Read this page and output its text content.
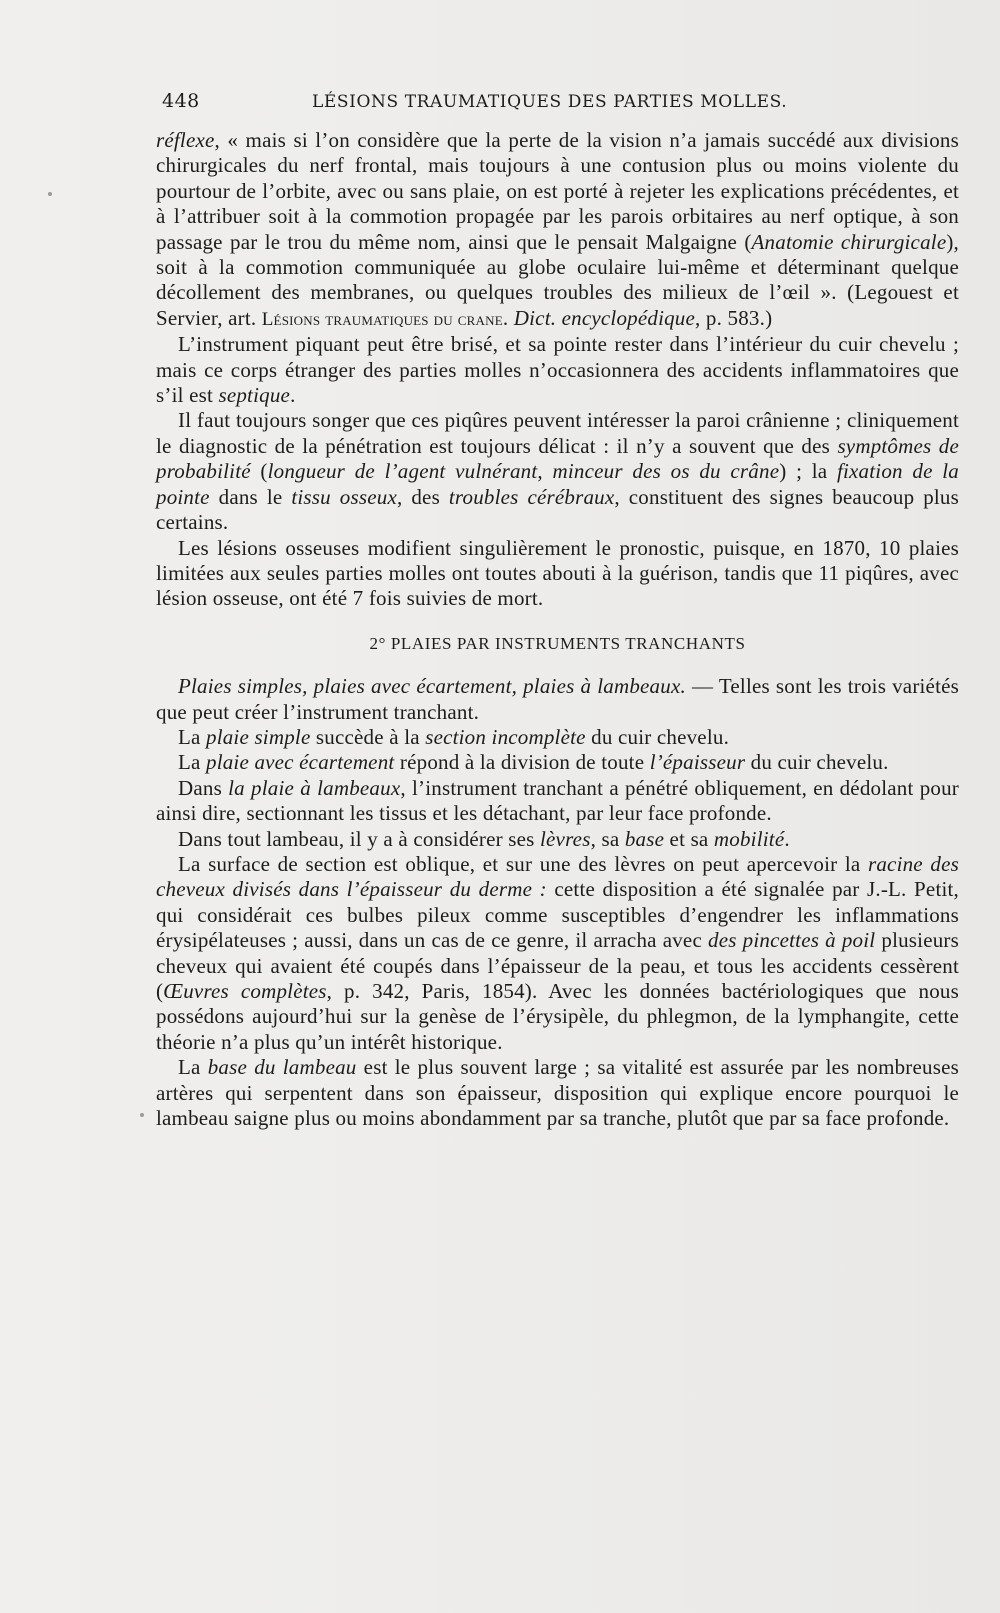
448	LÉSIONS TRAUMATIQUES DES PARTIES MOLLES.

réflexe, « mais si l’on considère que la perte de la vision n’a jamais succédé aux divisions chirurgicales du nerf frontal, mais toujours à une contusion plus ou moins violente du pourtour de l’orbite, avec ou sans plaie, on est porté à rejeter les explications précédentes, et à l’attribuer soit à la commotion propagée par les parois orbitaires au nerf optique, à son passage par le trou du même nom, ainsi que le pensait Malgaigne (Anatomie chirurgicale), soit à la commotion communiquée au globe oculaire lui-même et déterminant quelque décollement des membranes, ou quelques troubles des milieux de l’œil ». (Legouest et Servier, art. Lésions traumatiques du crane. Dict. encyclopédique, p. 583.)

L’instrument piquant peut être brisé, et sa pointe rester dans l’intérieur du cuir chevelu ; mais ce corps étranger des parties molles n’occasionnera des accidents inflammatoires que s’il est septique.

Il faut toujours songer que ces piqûres peuvent intéresser la paroi crânienne ; cliniquement le diagnostic de la pénétration est toujours délicat : il n’y a souvent que des symptômes de probabilité (longueur de l’agent vulnérant, minceur des os du crâne) ; la fixation de la pointe dans le tissu osseux, des troubles cérébraux, constituent des signes beaucoup plus certains.

Les lésions osseuses modifient singulièrement le pronostic, puisque, en 1870, 10 plaies limitées aux seules parties molles ont toutes abouti à la guérison, tandis que 11 piqûres, avec lésion osseuse, ont été 7 fois suivies de mort.

2° PLAIES PAR INSTRUMENTS TRANCHANTS

Plaies simples, plaies avec écartement, plaies à lambeaux. — Telles sont les trois variétés que peut créer l’instrument tranchant.

La plaie simple succède à la section incomplète du cuir chevelu.

La plaie avec écartement répond à la division de toute l’épaisseur du cuir chevelu.

Dans la plaie à lambeaux, l’instrument tranchant a pénétré obliquement, en dédolant pour ainsi dire, sectionnant les tissus et les détachant, par leur face profonde.

Dans tout lambeau, il y a à considérer ses lèvres, sa base et sa mobilité.

La surface de section est oblique, et sur une des lèvres on peut apercevoir la racine des cheveux divisés dans l’épaisseur du derme : cette disposition a été signalée par J.-L. Petit, qui considérait ces bulbes pileux comme susceptibles d’engendrer les inflammations érysipélateuses ; aussi, dans un cas de ce genre, il arracha avec des pincettes à poil plusieurs cheveux qui avaient été coupés dans l’épaisseur de la peau, et tous les accidents cessèrent (Œuvres complètes, p. 342, Paris, 1854). Avec les données bactériologiques que nous possédons aujourd’hui sur la genèse de l’érysipèle, du phlegmon, de la lymphangite, cette théorie n’a plus qu’un intérêt historique.

La base du lambeau est le plus souvent large ; sa vitalité est assurée par les nombreuses artères qui serpentent dans son épaisseur, disposition qui explique encore pourquoi le lambeau saigne plus ou moins abondamment par sa tranche, plutôt que par sa face profonde.
